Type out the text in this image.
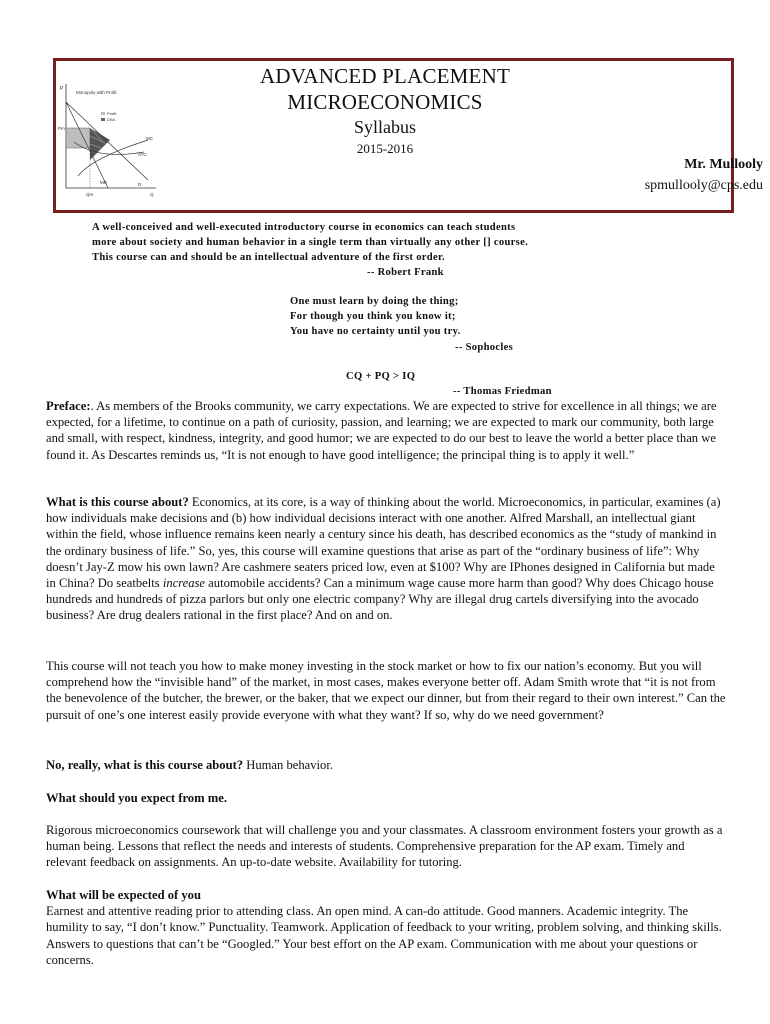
P
Monopoly with Profit
Profit
DWL
Pm
MC
ATC
MR	D
Qm	Q
ADVANCED PLACEMENT
MICROECONOMICS
Syllabus
2015-2016
Mr. Mullooly
spmullooly@cps.edu
A well-conceived and well-executed introductory course in economics can teach students
more about society and human behavior in a single term than virtually any other [] course.
This course can and should be an intellectual adventure of the first order.
-- Robert Frank
One must learn by doing the thing;
For though you think you know it;
You have no certainty until you try.
-- Sophocles
CQ + PQ > IQ
-- Thomas Friedman

Preface:. As members of the Brooks community, we carry expectations. We are expected to strive for excellence in all things; we are expected, for a lifetime, to continue on a path of curiosity, passion, and learning; we are expected to mark our community, both large and small, with respect, kindness, integrity, and good humor; we are expected to do our best to leave the world a better place than we found it. As Descartes reminds us, “It is not enough to have good intelligence; the principal thing is to apply it well.”

What is this course about? Economics, at its core, is a way of thinking about the world. Microeconomics, in particular, examines (a) how individuals make decisions and (b) how individual decisions interact with one another. Alfred Marshall, an intellectual giant within the field, whose influence remains keen nearly a century since his death, has described economics as the “study of mankind in the ordinary business of life.” So, yes, this course will examine questions that arise as part of the “ordinary business of life”: Why doesn’t Jay-Z mow his own lawn? Are cashmere seaters priced low, even at $100? Why are IPhones designed in California but made in China? Do seatbelts increase automobile accidents? Can a minimum wage cause more harm than good? Why does Chicago house hundreds and hundreds of pizza parlors but only one electric company? Why are illegal drug cartels diversifying into the avocado business? Are drug dealers rational in the first place? And on and on.

This course will not teach you how to make money investing in the stock market or how to fix our nation’s economy. But you will comprehend how the “invisible hand” of the market, in most cases, makes everyone better off. Adam Smith wrote that “it is not from the benevolence of the butcher, the brewer, or the baker, that we expect our dinner, but from their regard to their own interest.” Can the pursuit of one’s one interest easily provide everyone with what they want? If so, why do we need government?

No, really, what is this course about? Human behavior.

What should you expect from me.

Rigorous microeconomics coursework that will challenge you and your classmates. A classroom environment fosters your growth as a human being. Lessons that reflect the needs and interests of students. Comprehensive preparation for the AP exam. Timely and relevant feedback on assignments. An up-to-date website. Availability for tutoring.

What will be expected of you

Earnest and attentive reading prior to attending class. An open mind. A can-do attitude. Good manners. Academic integrity. The humility to say, “I don’t know.” Punctuality. Teamwork. Application of feedback to your writing, problem solving, and thinking skills. Answers to questions that can’t be “Googled.” Your best effort on the AP exam. Communication with me about your questions or concerns.
